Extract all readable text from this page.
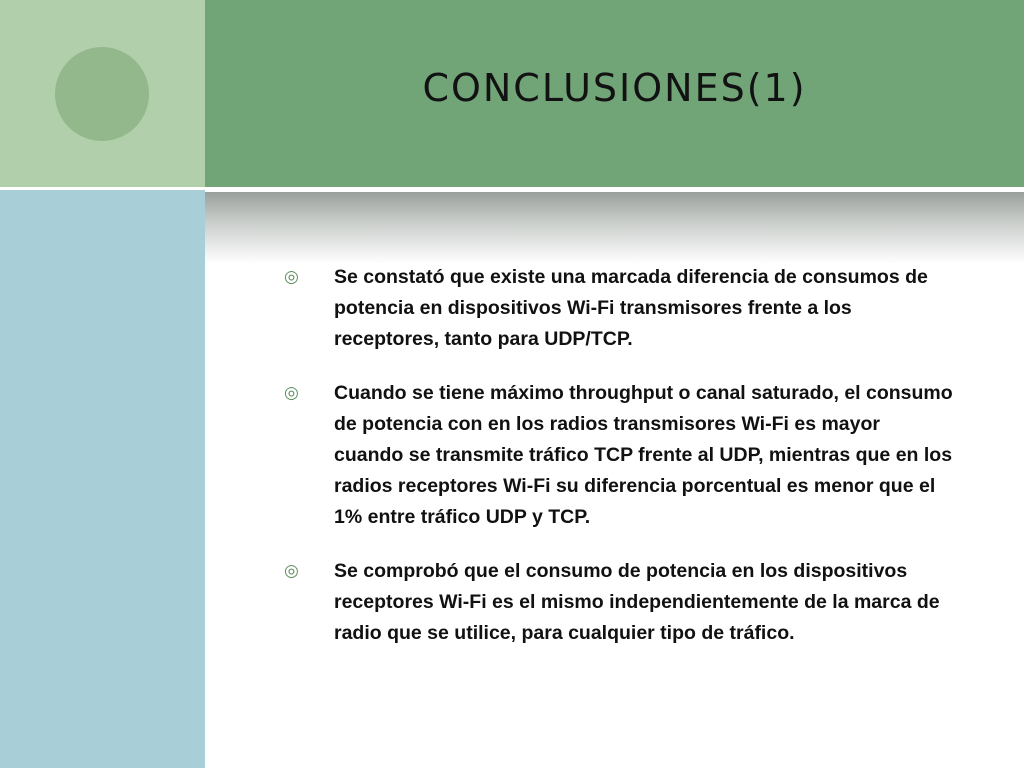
CONCLUSIONES(1)
◎	Se constató que existe una marcada diferencia de consumos de potencia en dispositivos Wi-Fi transmisores frente a los receptores, tanto para UDP/TCP.
◎	Cuando se tiene máximo throughput o canal saturado, el consumo de potencia con en los radios transmisores Wi-Fi es mayor cuando se transmite tráfico TCP frente al UDP, mientras que en los radios receptores Wi-Fi su diferencia porcentual es menor que el 1% entre tráfico UDP y TCP.
◎	Se comprobó que el consumo de potencia en los dispositivos receptores Wi-Fi es el mismo independientemente de la marca de radio que se utilice, para cualquier tipo de tráfico.
